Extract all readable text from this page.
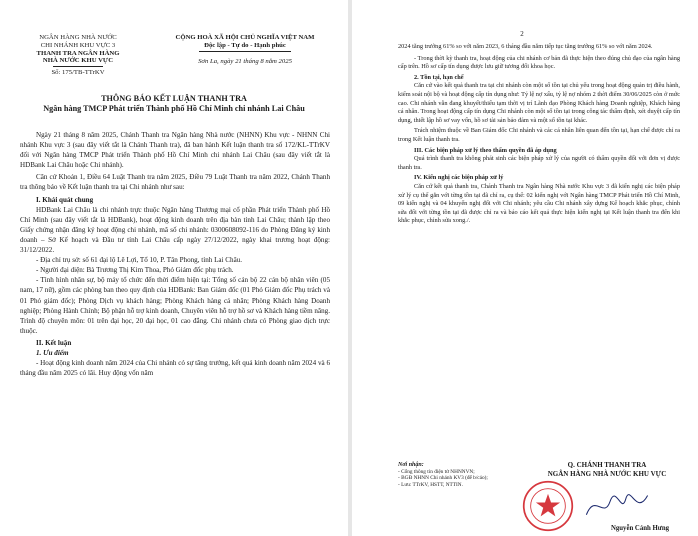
NGÂN HÀNG NHÀ NƯỚC
CHI NHÁNH KHU VỰC 3
THANH TRA NGÂN HÀNG
NHÀ NƯỚC KHU VỰC
Số: 175/TB-TTrKV
CỘNG HOÀ XÃ HỘI CHỦ NGHĨA VIỆT NAM
Độc lập - Tự do - Hạnh phúc
Sơn La, ngày 21 tháng 8 năm 2025
THÔNG BÁO KẾT LUẬN THANH TRA
Ngân hàng TMCP Phát triển Thành phố Hồ Chí Minh chi nhánh Lai Châu
Ngày 21 tháng 8 năm 2025, Chánh Thanh tra Ngân hàng Nhà nước (NHNN) Khu vực - NHNN Chi nhánh Khu vực 3 (sau đây viết tắt là Chánh Thanh tra), đã ban hành Kết luận thanh tra số 172/KL-TTrKV đối với Ngân hàng TMCP Phát triển Thành phố Hồ Chí Minh chi nhánh Lai Châu (sau đây viết tắt là HDBank Lai Châu hoặc Chi nhánh).
Căn cứ Khoản 1, Điều 64 Luật Thanh tra năm 2025, Điều 79 Luật Thanh tra năm 2022, Chánh Thanh tra thông báo về Kết luận thanh tra tại Chi nhánh như sau:
I. Khái quát chung
HDBank Lai Châu là chi nhánh trực thuộc Ngân hàng Thương mại cổ phần Phát triển Thành phố Hồ Chí Minh (sau đây viết tắt là HDBank), hoạt động kinh doanh trên địa bàn tỉnh Lai Châu; thành lập theo Giấy chứng nhận đăng ký hoạt động chi nhánh, mã số chi nhánh: 0300608092-116 do Phòng Đăng ký kinh doanh – Sở Kế hoạch và Đầu tư tỉnh Lai Châu cấp ngày 27/12/2022, ngày khai trương hoạt động: 31/12/2022.
- Địa chỉ trụ sở: số 61 đại lộ Lê Lợi, Tổ 10, P. Tân Phong, tỉnh Lai Châu.
- Người đại diện: Bà Trương Thị Kim Thoa, Phó Giám đốc phụ trách.
- Tình hình nhân sự, bộ máy tổ chức đến thời điểm hiện tại: Tổng số cán bộ 22 cán bộ nhân viên (05 nam, 17 nữ), gồm các phòng ban theo quy định của HDBank: Ban Giám đốc (01 Phó Giám đốc Phụ trách và 01 Phó giám đốc); Phòng Dịch vụ khách hàng; Phòng Khách hàng cá nhân; Phòng Khách hàng Doanh nghiệp; Phòng Hành Chính; Bộ phận hỗ trợ kinh doanh, Chuyên viên hỗ trợ hồ sơ và Khách hàng tiềm năng. Trình độ chuyên môn: 01 trên đại học, 20 đại học, 01 cao đẳng. Chi nhánh chưa có Phòng giao dịch trực thuộc.
II. Kết luận
1. Ưu điểm
- Hoạt động kinh doanh năm 2024 của Chi nhánh có sự tăng trưởng, kết quả kinh doanh năm 2024 và 6 tháng đầu năm 2025 có lãi. Huy động vốn năm
2
2024 tăng trưởng 61% so với năm 2023, 6 tháng đầu năm tiếp tục tăng trưởng 61% so với năm 2024.
- Trong thời kỳ thanh tra, hoạt động của chi nhánh cơ bản đã thực hiện theo đúng chủ đạo của ngân hàng cấp trên. Hồ sơ cấp tín dụng được lưu giữ tương đối khoa học.
2. Tồn tại, hạn chế
Căn cứ vào kết quả thanh tra tại chi nhánh còn một số tồn tại chủ yếu trong hoạt động quản trị điều hành, kiểm soát nội bộ và hoạt động cấp tín dụng như: Tỷ lệ nợ xấu, tỷ lệ nợ nhóm 2 thời điểm 30/06/2025 còn ở mức cao. Chi nhánh vẫn đang khuyết/thiếu tạm thời vị trí Lãnh đạo Phòng Khách hàng Doanh nghiệp, Khách hàng cá nhân. Trong hoạt động cấp tín dụng Chi nhánh còn một số tồn tại trong công tác thẩm định, xét duyệt cấp tín dụng, thiết lập hồ sơ vay vốn, hồ sơ tài sản bảo đảm và một số tồn tại khác.
Trách nhiệm thuộc về Ban Giám đốc Chi nhánh và các cá nhân liên quan đến tồn tại, hạn chế được chỉ ra trong Kết luận thanh tra.
III. Các biện pháp xử lý theo thẩm quyền đã áp dụng
Quá trình thanh tra không phát sinh các biện pháp xử lý của người có thẩm quyền đối với đơn vị được thanh tra.
IV. Kiến nghị các biện pháp xử lý
Căn cứ kết quả thanh tra, Chánh Thanh tra Ngân hàng Nhà nước Khu vực 3 đã kiến nghị các biện pháp xử lý cụ thể gắn với từng tồn tại đã chỉ ra, cụ thể: 02 kiến nghị với Ngân hàng TMCP Phát triển Hồ Chí Minh, 09 kiến nghị và 04 khuyến nghị đối với Chi nhánh; yêu cầu Chi nhánh xây dựng Kế hoạch khắc phục, chỉnh sửa đối với từng tồn tại đã được chỉ ra và báo cáo kết quả thực hiện kiến nghị tại Kết luận thanh tra đến khi khắc phục, chỉnh sửa xong./.
Nơi nhận:
- Cổng thông tin điện tử NHNNVN;
- BGĐ NHNN Chi nhánh KV3 (để b/cáo);
- Lưu: TTrKV, HSTT, NTTIN.
Q. CHÁNH THANH TRA
NGÂN HÀNG NHÀ NƯỚC KHU VỰC
Nguyễn Cảnh Hưng
